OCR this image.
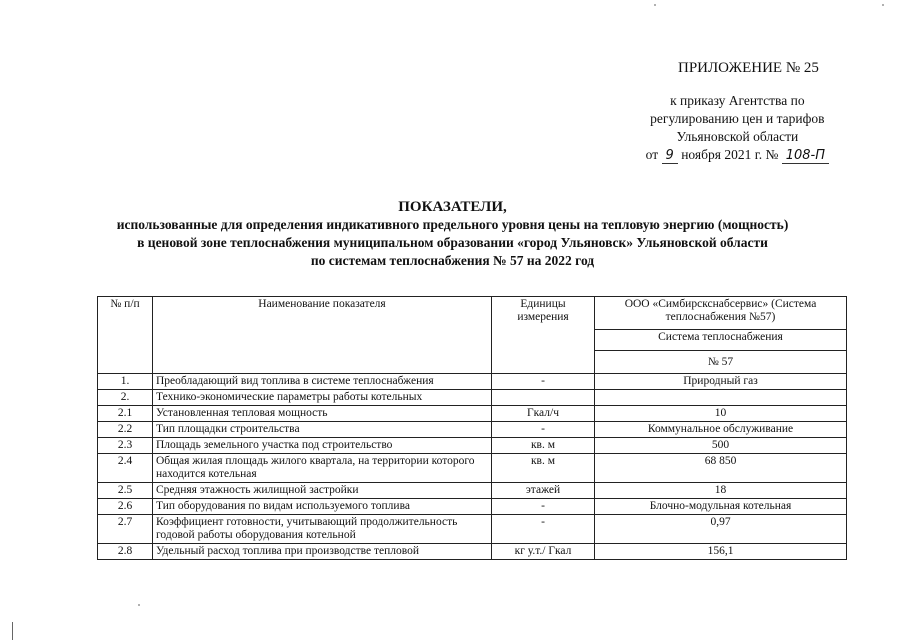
ПРИЛОЖЕНИЕ № 25
к приказу Агентства по
регулированию цен и тарифов
Ульяновской области
от 9 ноября 2021 г. № 108-П
ПОКАЗАТЕЛИ,
использованные для определения индикативного предельного уровня цены на тепловую энергию (мощность)
в ценовой зоне теплоснабжения муниципальном образовании «город Ульяновск» Ульяновской области
по системам теплоснабжения № 57 на 2022 год
№ п/п	Наименование показателя	Единицы измерения	ООО «Симбирскснабсервис» (Система теплоснабжения №57)
			Система теплоснабжения
			№ 57
1.	Преобладающий вид топлива в системе теплоснабжения	-	Природный газ
2.	Технико-экономические параметры работы котельных		
2.1	Установленная тепловая мощность	Гкал/ч	10
2.2	Тип площадки строительства	-	Коммунальное обслуживание
2.3	Площадь земельного участка под строительство	кв. м	500
2.4	Общая жилая площадь жилого квартала, на территории которого находится котельная	кв. м	68 850
2.5	Средняя этажность жилищной застройки	этажей	18
2.6	Тип оборудования по видам используемого топлива	-	Блочно-модульная котельная
2.7	Коэффициент готовности, учитывающий продолжительность годовой работы оборудования котельной	-	0,97
2.8	Удельный расход топлива при производстве тепловой	кг у.т./ Гкал	156,1
